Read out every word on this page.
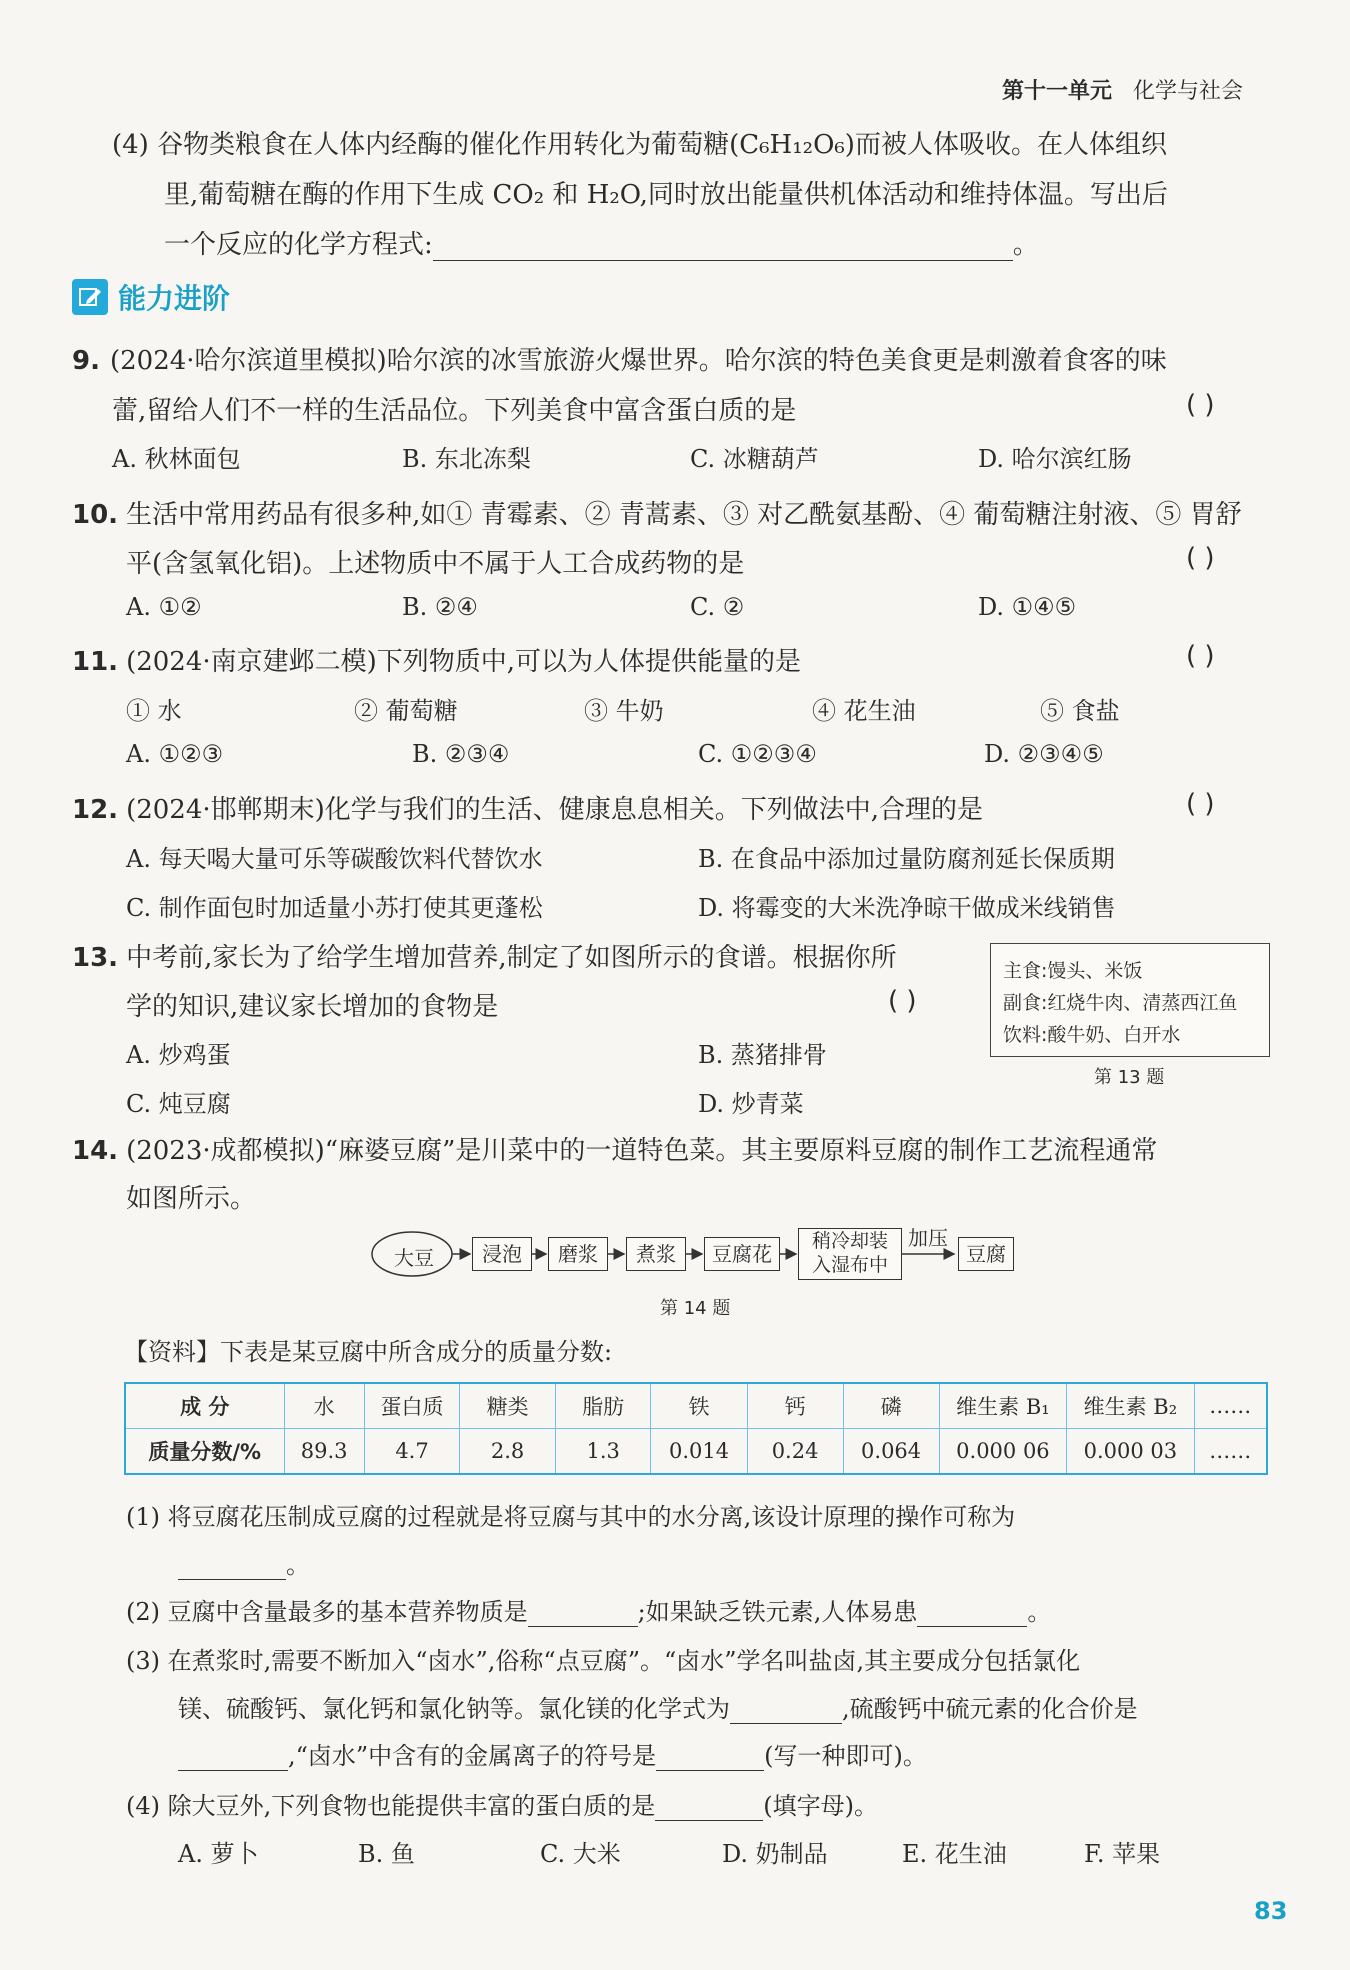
第十一单元 化学与社会
(4) 谷物类粮食在人体内经酶的催化作用转化为葡萄糖(C₆H₁₂O₆)而被人体吸收。在人体组织
里,葡萄糖在酶的作用下生成 CO₂ 和 H₂O,同时放出能量供机体活动和维持体温。写出后
一个反应的化学方程式:	。
能力进阶
9. (2024·哈尔滨道里模拟)哈尔滨的冰雪旅游火爆世界。哈尔滨的特色美食更是刺激着食客的味
蕾,留给人们不一样的生活品位。下列美食中富含蛋白质的是	( )
A. 秋林面包	B. 东北冻梨	C. 冰糖葫芦	D. 哈尔滨红肠
10. 生活中常用药品有很多种,如① 青霉素、② 青蒿素、③ 对乙酰氨基酚、④ 葡萄糖注射液、⑤ 胃舒
平(含氢氧化铝)。上述物质中不属于人工合成药物的是	( )
A. ①②	B. ②④	C. ②	D. ①④⑤
11. (2024·南京建邺二模)下列物质中,可以为人体提供能量的是	( )
① 水	② 葡萄糖	③ 牛奶	④ 花生油	⑤ 食盐
A. ①②③	B. ②③④	C. ①②③④	D. ②③④⑤
12. (2024·邯郸期末)化学与我们的生活、健康息息相关。下列做法中,合理的是	( )
A. 每天喝大量可乐等碳酸饮料代替饮水	B. 在食品中添加过量防腐剂延长保质期
C. 制作面包时加适量小苏打使其更蓬松	D. 将霉变的大米洗净晾干做成米线销售
13. 中考前,家长为了给学生增加营养,制定了如图所示的食谱。根据你所
学的知识,建议家长增加的食物是	( )
A. 炒鸡蛋	B. 蒸猪排骨
C. 炖豆腐	D. 炒青菜
主食:馒头、米饭
副食:红烧牛肉、清蒸西江鱼
饮料:酸牛奶、白开水
第 13 题
14. (2023·成都模拟)“麻婆豆腐”是川菜中的一道特色菜。其主要原料豆腐的制作工艺流程通常
如图所示。
大豆	浸泡	磨浆	煮浆	豆腐花
稍冷却装
入湿布中
加压
豆腐
第 14 题
【资料】下表是某豆腐中所含成分的质量分数:
成 分	水	蛋白质	糖类	脂肪	铁	钙	磷	维生素 B₁	维生素 B₂	……
质量分数/%	89.3	4.7	2.8	1.3	0.014	0.24	0.064	0.000 06	0.000 03	……
(1) 将豆腐花压制成豆腐的过程就是将豆腐与其中的水分离,该设计原理的操作可称为
。
(2) 豆腐中含量最多的基本营养物质是	;如果缺乏铁元素,人体易患	。
(3) 在煮浆时,需要不断加入“卤水”,俗称“点豆腐”。“卤水”学名叫盐卤,其主要成分包括氯化
镁、硫酸钙、氯化钙和氯化钠等。氯化镁的化学式为	,硫酸钙中硫元素的化合价是
,“卤水”中含有的金属离子的符号是	(写一种即可)。
(4) 除大豆外,下列食物也能提供丰富的蛋白质的是	(填字母)。
A. 萝卜	B. 鱼	C. 大米	D. 奶制品	E. 花生油	F. 苹果
83
